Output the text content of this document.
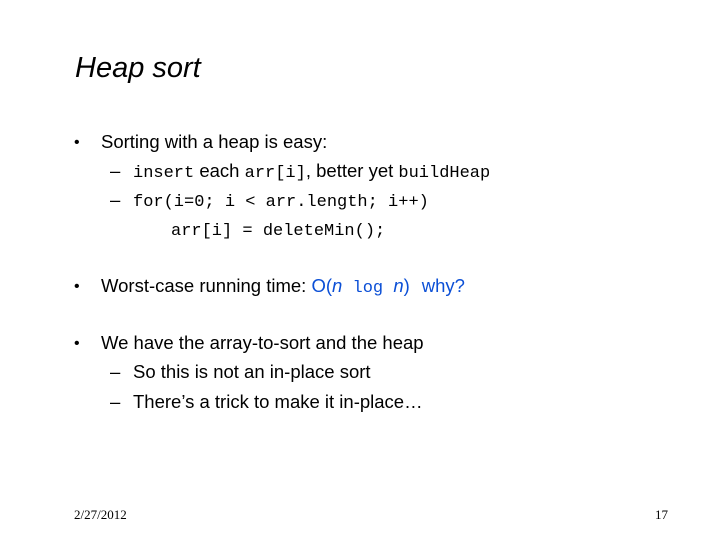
Heap sort
• Sorting with a heap is easy:
– insert each arr[i], better yet buildHeap
– for(i=0; i < arr.length; i++)
arr[i] = deleteMin();
• Worst-case running time: O(n log n) why?
• We have the array-to-sort and the heap
– So this is not an in-place sort
– There’s a trick to make it in-place…
2/27/2012	17
